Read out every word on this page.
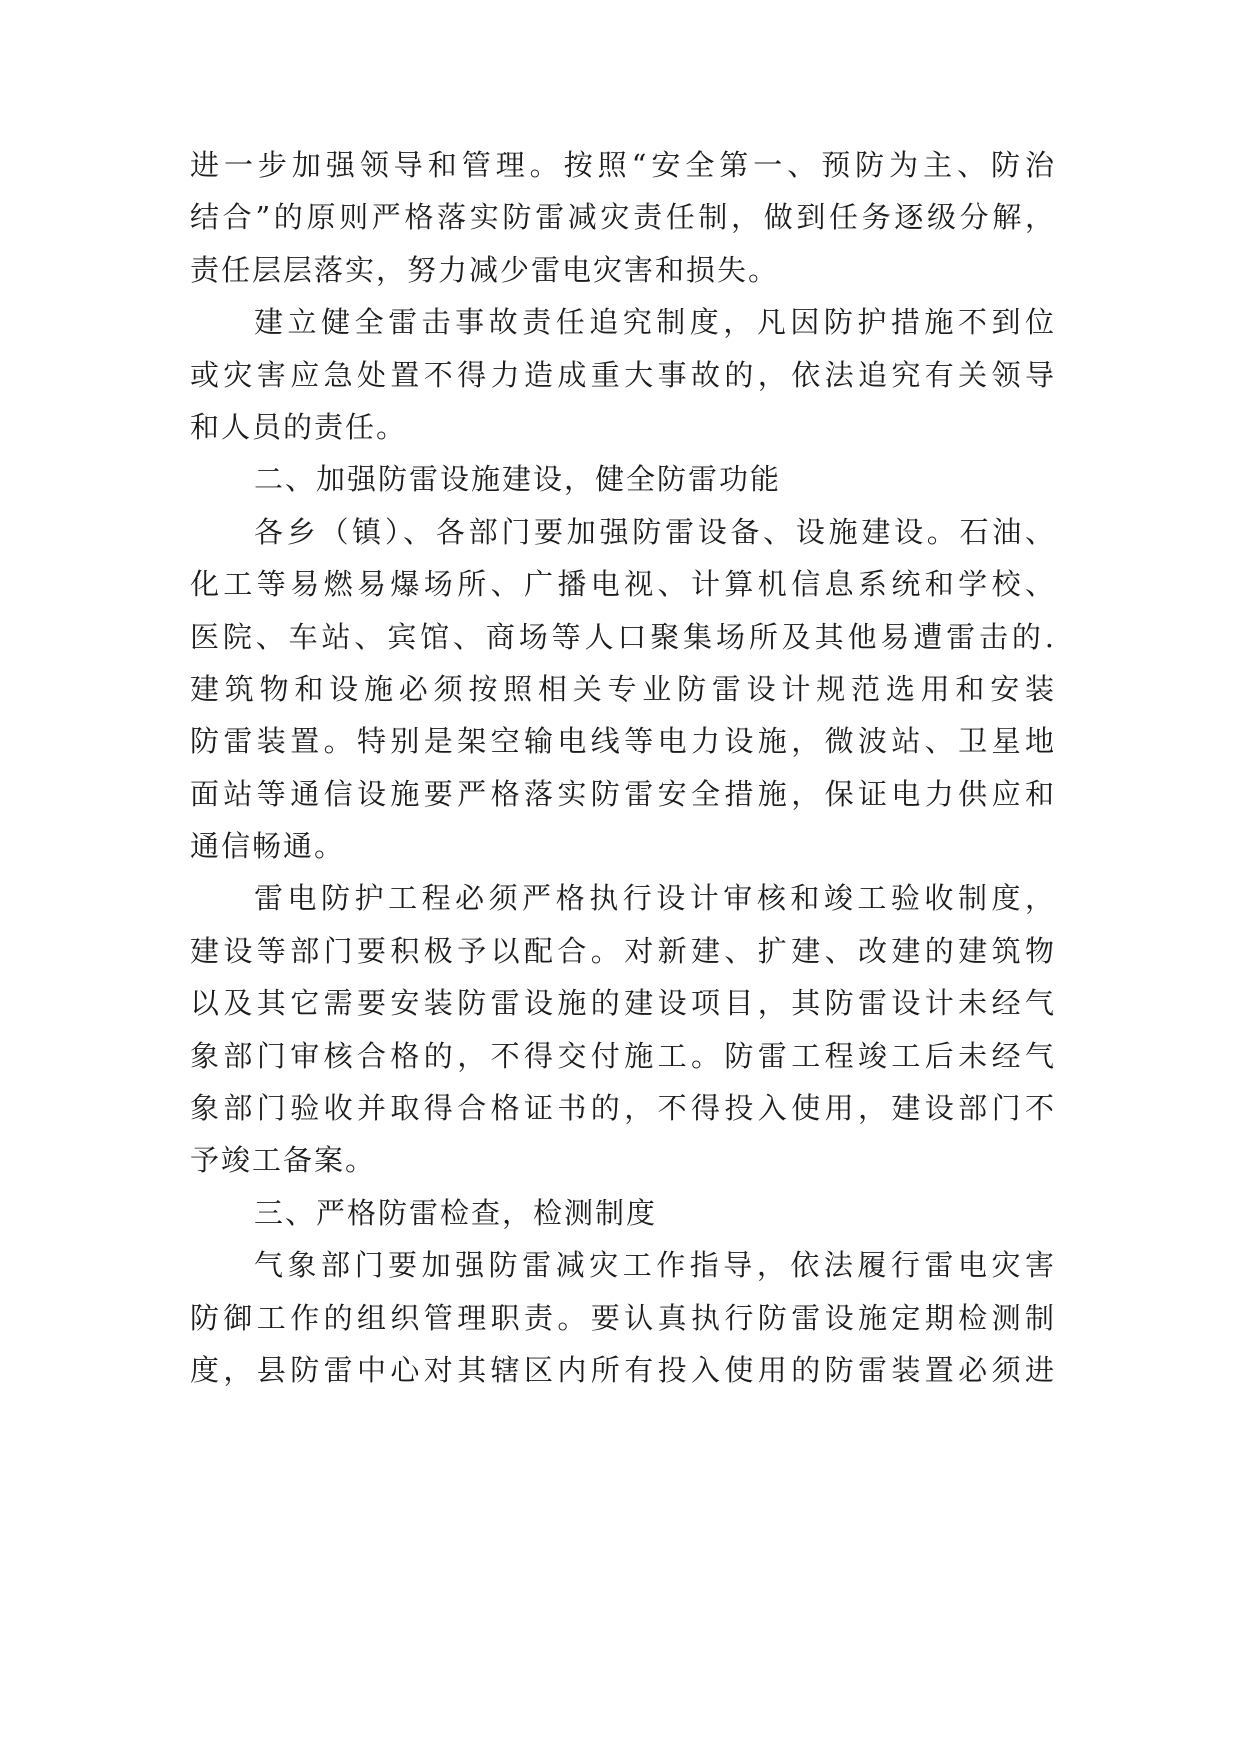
进一步加强领导和管理。按照“安全第一、预防为主、防治
结合”的原则严格落实防雷减灾责任制，做到任务逐级分解，
责任层层落实，努力减少雷电灾害和损失。
建立健全雷击事故责任追究制度，凡因防护措施不到位
或灾害应急处置不得力造成重大事故的，依法追究有关领导
和人员的责任。
二、加强防雷设施建设，健全防雷功能
各乡（镇）、各部门要加强防雷设备、设施建设。石油、
化工等易燃易爆场所、广播电视、计算机信息系统和学校、
医院、车站、宾馆、商场等人口聚集场所及其他易遭雷击的.
建筑物和设施必须按照相关专业防雷设计规范选用和安装
防雷装置。特别是架空输电线等电力设施，微波站、卫星地
面站等通信设施要严格落实防雷安全措施，保证电力供应和
通信畅通。
雷电防护工程必须严格执行设计审核和竣工验收制度，
建设等部门要积极予以配合。对新建、扩建、改建的建筑物
以及其它需要安装防雷设施的建设项目，其防雷设计未经气
象部门审核合格的，不得交付施工。防雷工程竣工后未经气
象部门验收并取得合格证书的，不得投入使用，建设部门不
予竣工备案。
三、严格防雷检查，检测制度
气象部门要加强防雷减灾工作指导，依法履行雷电灾害
防御工作的组织管理职责。要认真执行防雷设施定期检测制
度，县防雷中心对其辖区内所有投入使用的防雷装置必须进
